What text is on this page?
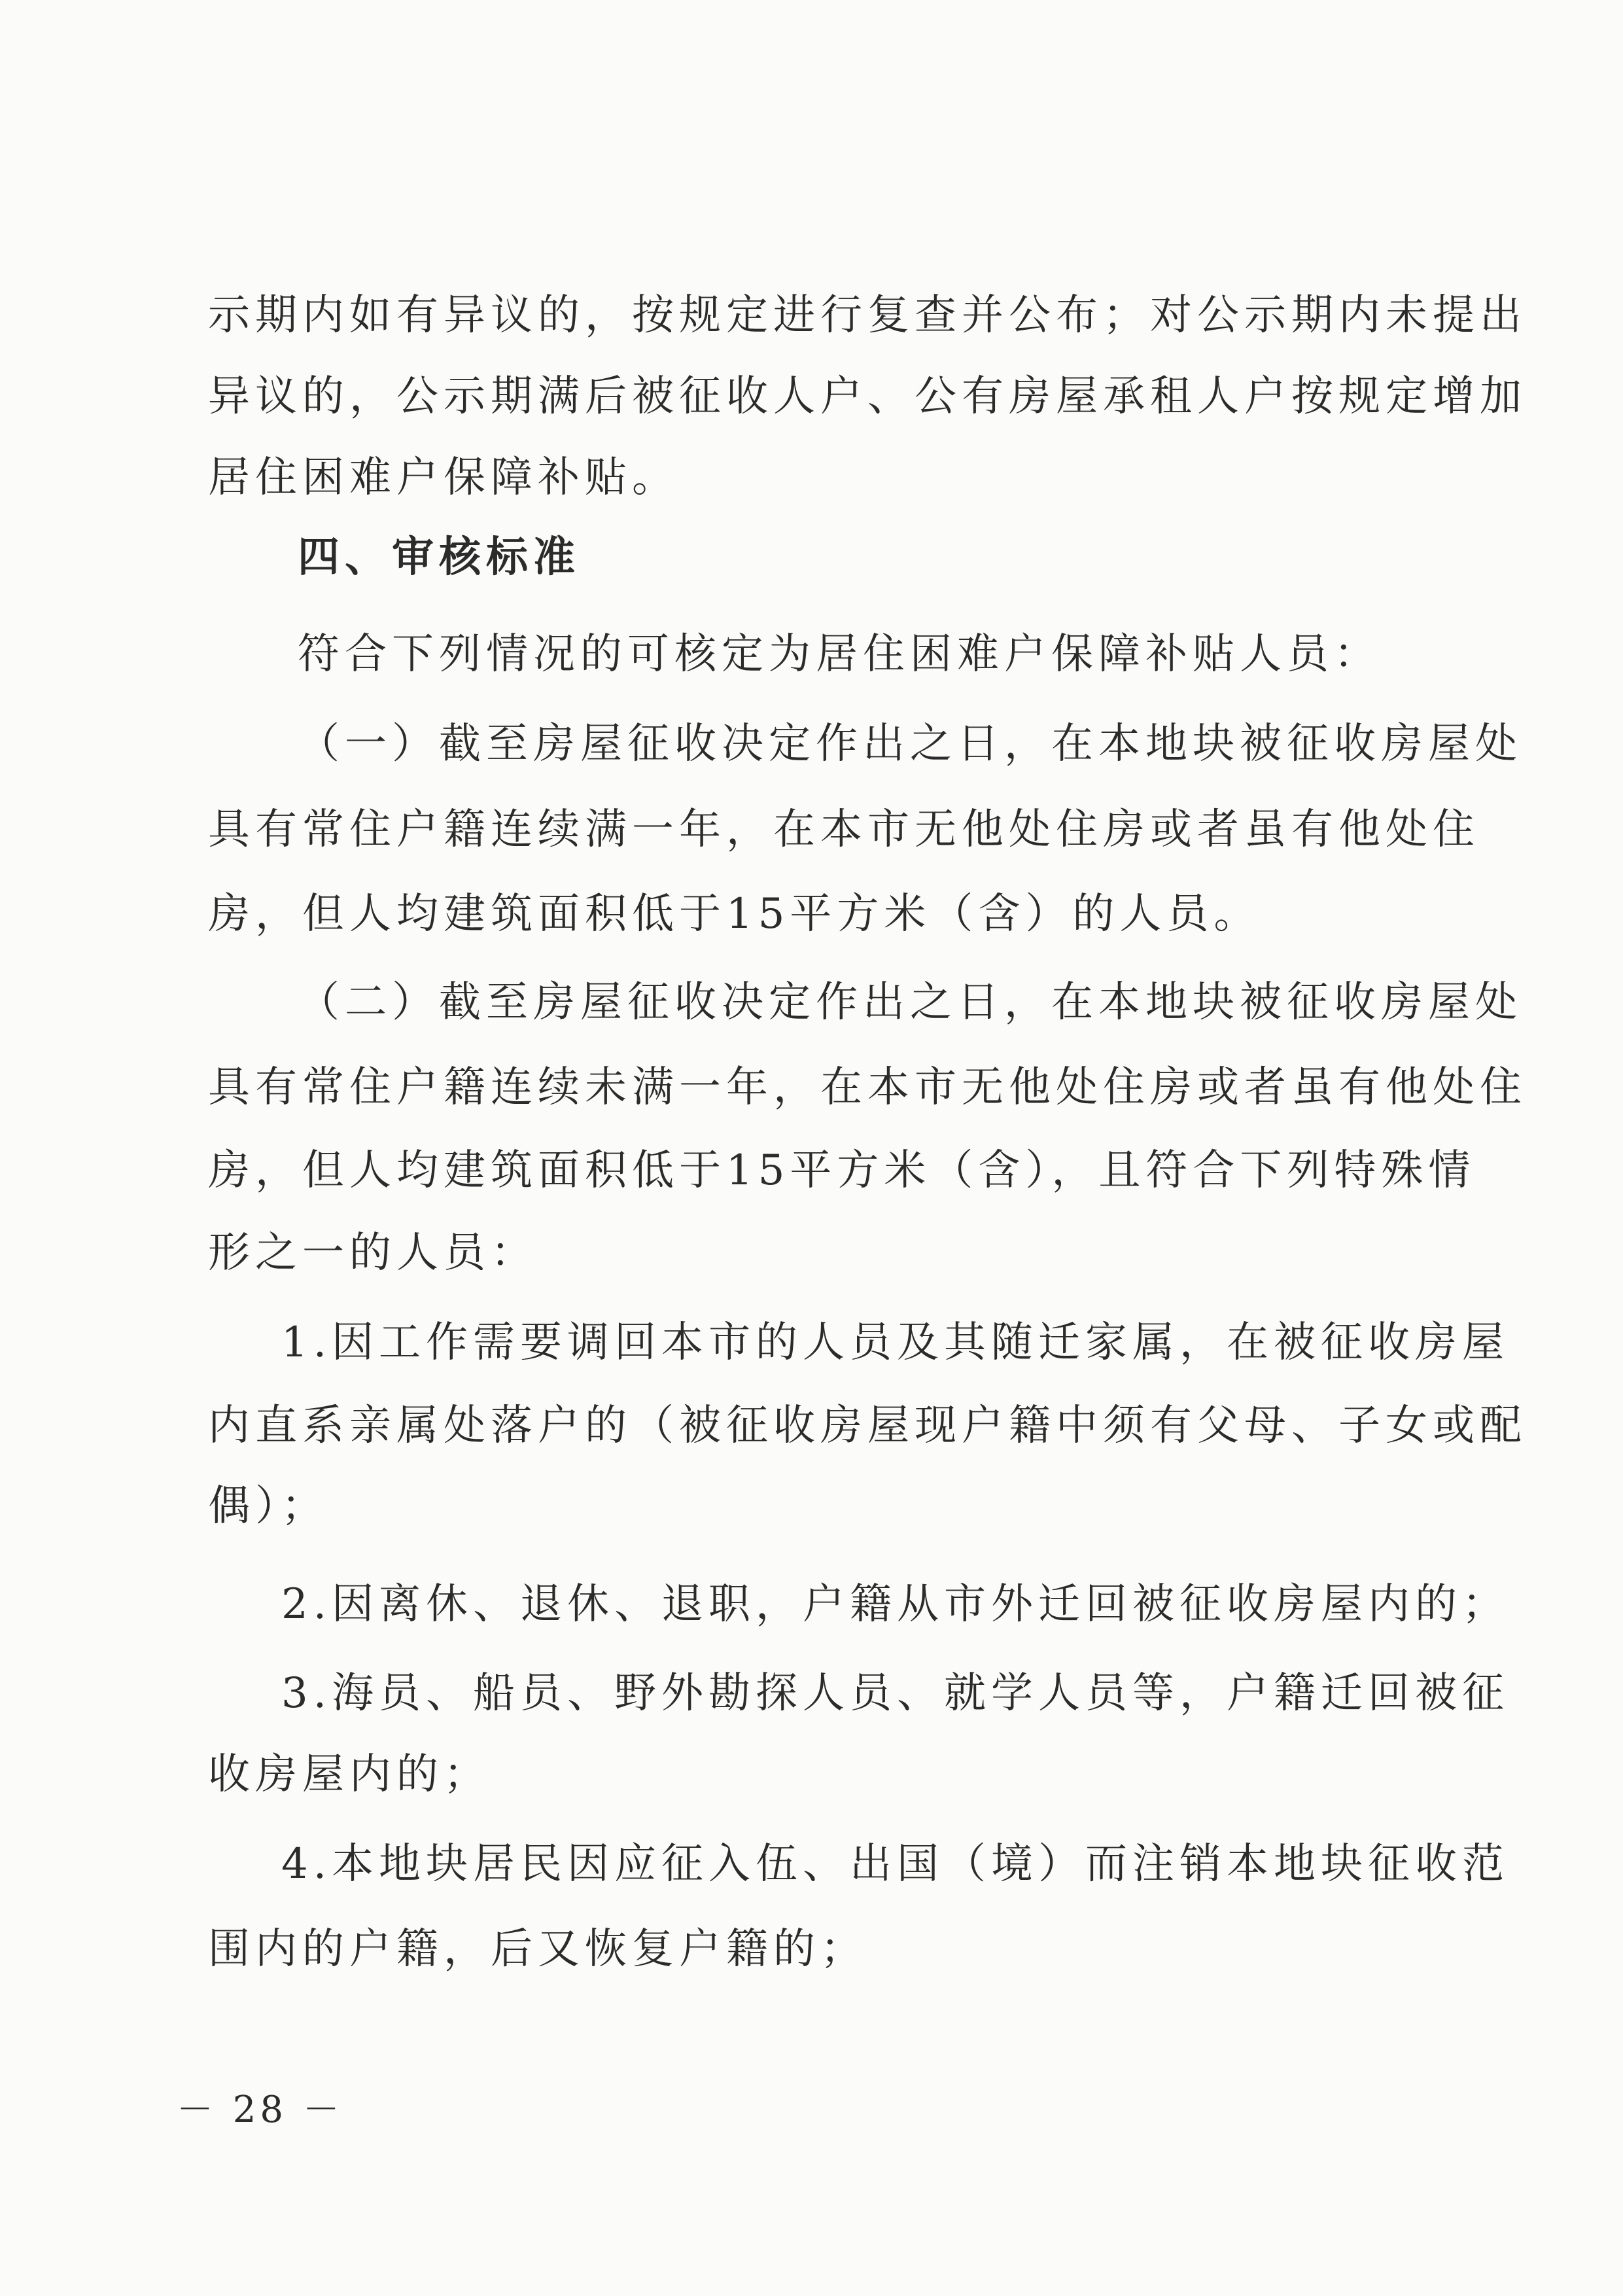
示期内如有异议的，按规定进行复查并公布；对公示期内未提出
异议的，公示期满后被征收人户、公有房屋承租人户按规定增加
居住困难户保障补贴。
四、审核标准
符合下列情况的可核定为居住困难户保障补贴人员：
（一）截至房屋征收决定作出之日，在本地块被征收房屋处
具有常住户籍连续满一年，在本市无他处住房或者虽有他处住
房，但人均建筑面积低于15平方米（含）的人员。
（二）截至房屋征收决定作出之日，在本地块被征收房屋处
具有常住户籍连续未满一年，在本市无他处住房或者虽有他处住
房，但人均建筑面积低于15平方米（含），且符合下列特殊情
形之一的人员：
1.因工作需要调回本市的人员及其随迁家属，在被征收房屋
内直系亲属处落户的（被征收房屋现户籍中须有父母、子女或配
偶）；
2.因离休、退休、退职，户籍从市外迁回被征收房屋内的；
3.海员、船员、野外勘探人员、就学人员等，户籍迁回被征
收房屋内的；
4.本地块居民因应征入伍、出国（境）而注销本地块征收范
围内的户籍，后又恢复户籍的；
－ 28 －
